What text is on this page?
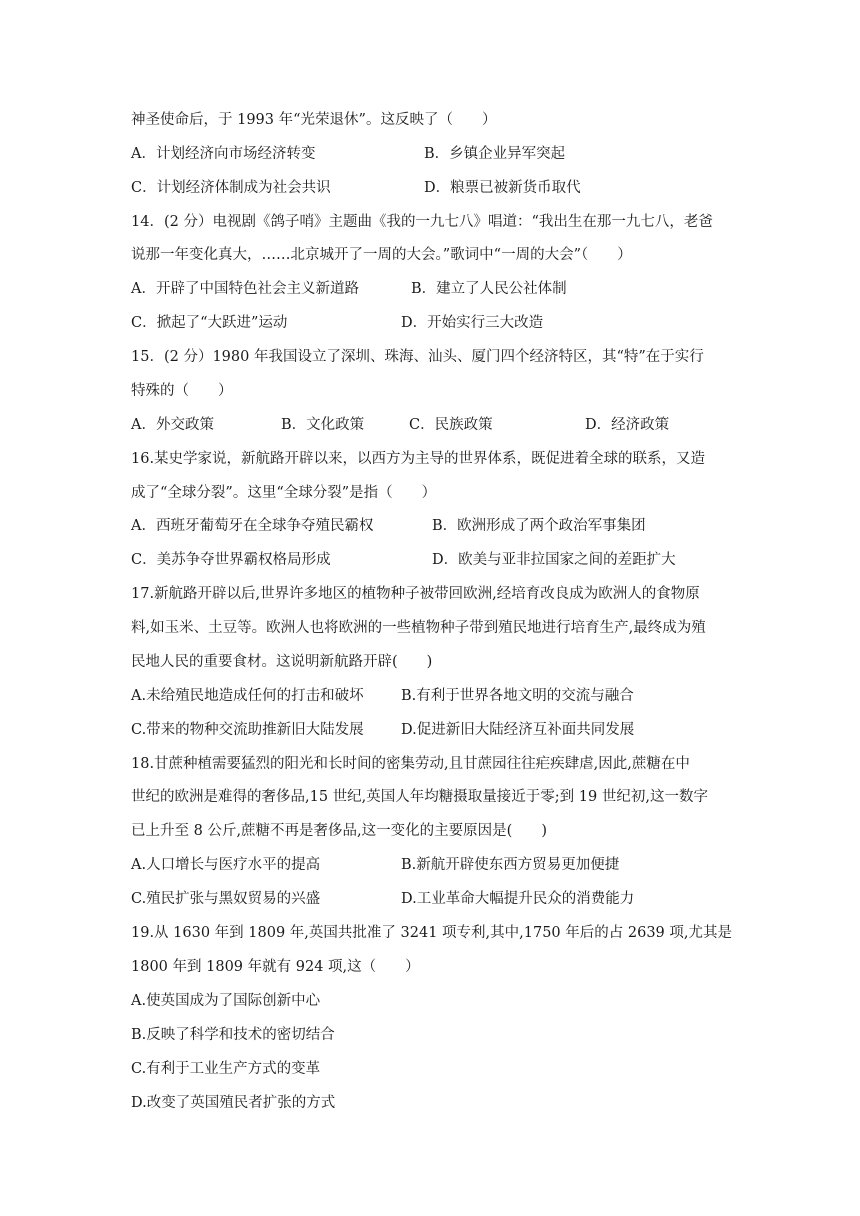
神圣使命后，于 1993 年“光荣退休”。这反映了（　　）
A．计划经济向市场经济转变	B．乡镇企业异军突起
C．计划经济体制成为社会共识	D．粮票已被新货币取代
14．(2 分）电视剧《鸽子哨》主题曲《我的一九七八》唱道：“我出生在那一九七八，老爸
说那一年变化真大，……北京城开了一周的大会。”歌词中“一周的大会”（　　）
A．开辟了中国特色社会主义新道路	B．建立了人民公社体制
C．掀起了“大跃进”运动	D．开始实行三大改造
15．(2 分）1980 年我国设立了深圳、珠海、汕头、厦门四个经济特区，其“特”在于实行
特殊的（　　）
A．外交政策	B．文化政策	C．民族政策	D．经济政策
16.某史学家说，新航路开辟以来，以西方为主导的世界体系，既促进着全球的联系，又造
成了“全球分裂”。这里“全球分裂”是指（　　）
A．西班牙葡萄牙在全球争夺殖民霸权	B．欧洲形成了两个政治军事集团
C．美苏争夺世界霸权格局形成	D．欧美与亚非拉国家之间的差距扩大
17.新航路开辟以后,世界许多地区的植物种子被带回欧洲,经培育改良成为欧洲人的食物原
料,如玉米、土豆等。欧洲人也将欧洲的一些植物种子带到殖民地进行培育生产,最终成为殖
民地人民的重要食材。这说明新航路开辟(　　)
A.未给殖民地造成任何的打击和破坏	B.有利于世界各地文明的交流与融合
C.带来的物种交流助推新旧大陆发展	D.促进新旧大陆经济互补面共同发展
18.甘蔗种植需要猛烈的阳光和长时间的密集劳动,且甘蔗园往往疟疾肆虐,因此,蔗糖在中
世纪的欧洲是难得的奢侈品,15 世纪,英国人年均糖摄取量接近于零;到 19 世纪初,这一数字
已上升至 8 公斤,蔗糖不再是奢侈品,这一变化的主要原因是(　　)
A.人口增长与医疗水平的提高	B.新航开辟使东西方贸易更加便捷
C.殖民扩张与黑奴贸易的兴盛	D.工业革命大幅提升民众的消费能力
19.从 1630 年到 1809 年,英国共批准了 3241 项专利,其中,1750 年后的占 2639 项,尤其是
1800 年到 1809 年就有 924 项,这（　　）
A.使英国成为了国际创新中心
B.反映了科学和技术的密切结合
C.有利于工业生产方式的变革
D.改变了英国殖民者扩张的方式
